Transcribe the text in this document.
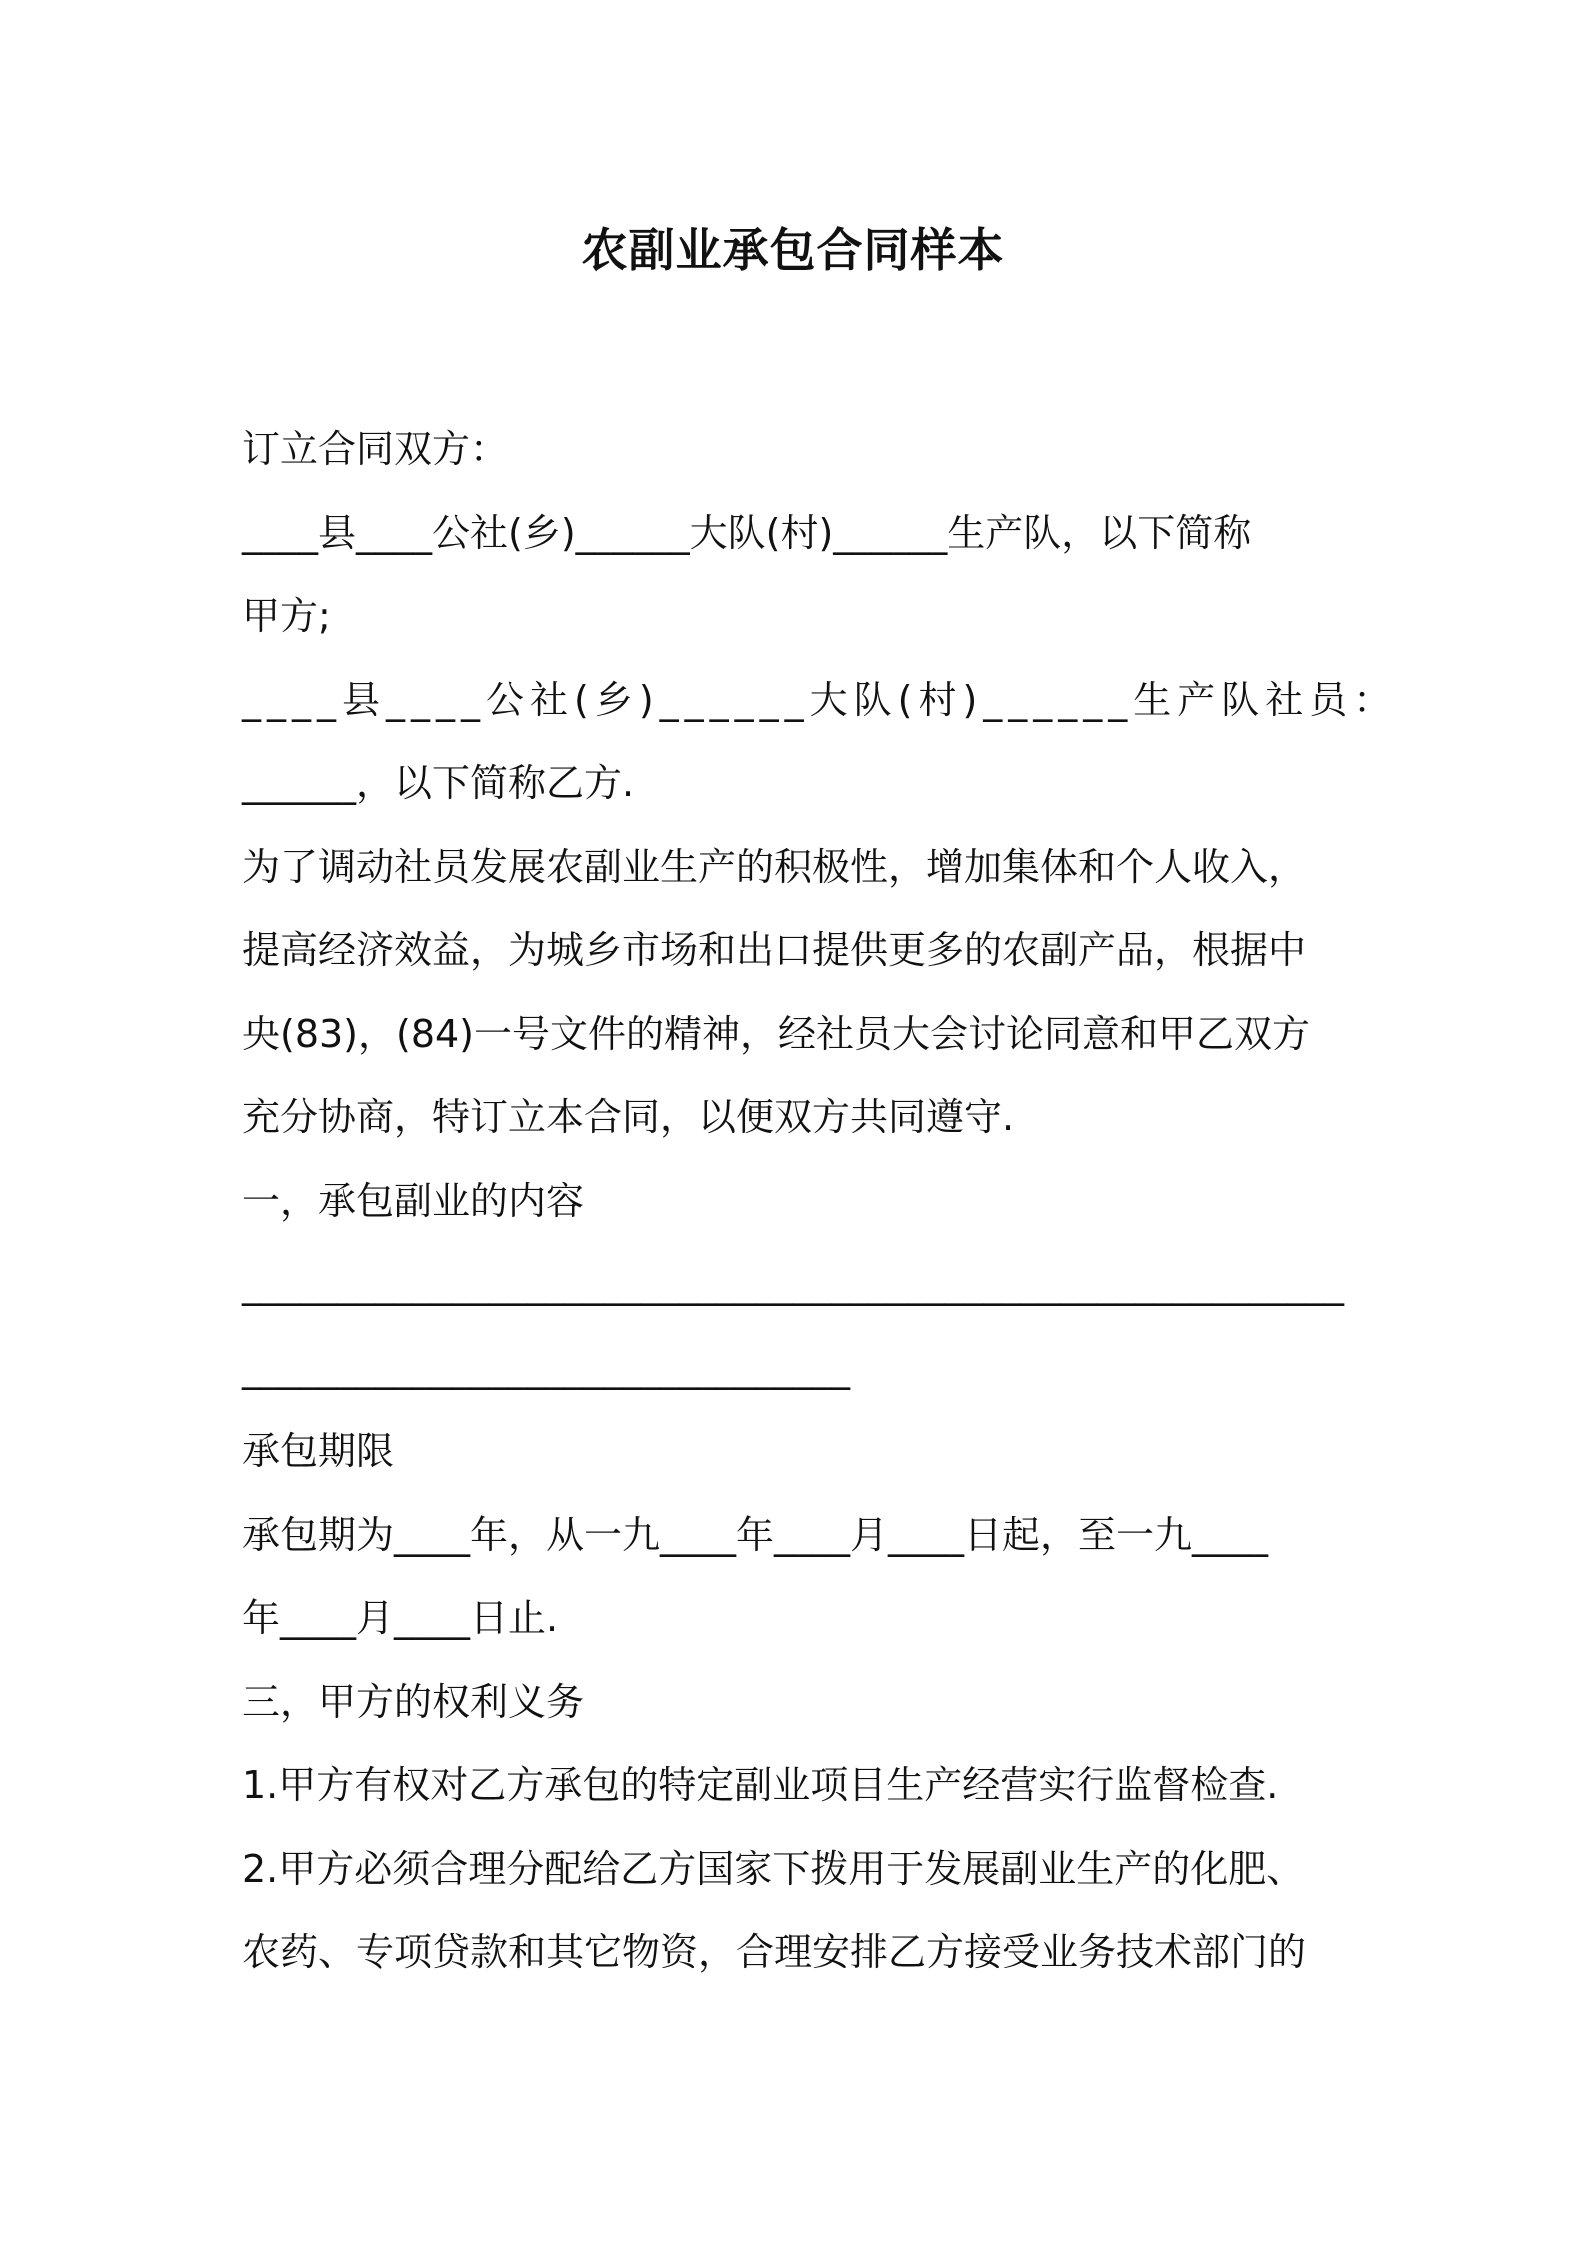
农副业承包合同样本
订立合同双方：
____县____公社(乡)______大队(村)______生产队，以下简称
甲方;
____县____公社(乡)______大队(村)______生产队社员：
______，以下简称乙方.
为了调动社员发展农副业生产的积极性，增加集体和个人收入，
提高经济效益，为城乡市场和出口提供更多的农副产品，根据中
央(83)，(84)一号文件的精神，经社员大会讨论同意和甲乙双方
充分协商，特订立本合同，以便双方共同遵守.
一，承包副业的内容
__________________________________________________________
________________________________
承包期限
承包期为____年，从一九____年____月____日起，至一九____
年____月____日止.
三，甲方的权利义务
1.甲方有权对乙方承包的特定副业项目生产经营实行监督检查.
2.甲方必须合理分配给乙方国家下拨用于发展副业生产的化肥、
农药、专项贷款和其它物资，合理安排乙方接受业务技术部门的
